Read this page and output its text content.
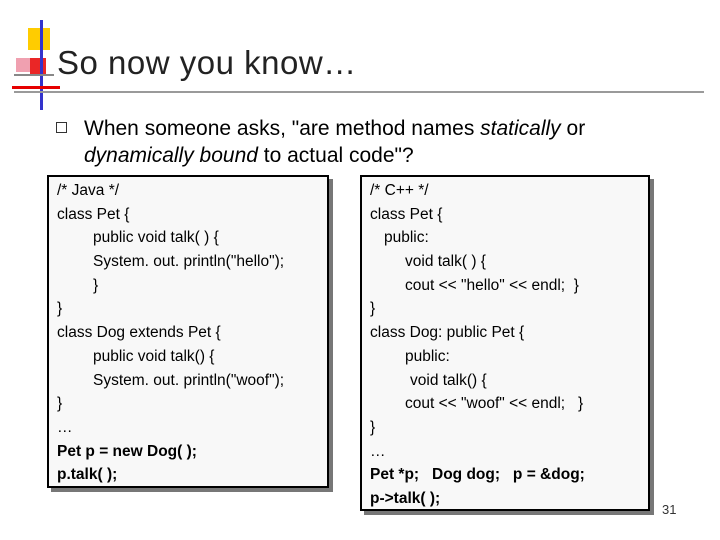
So now you know…
When someone asks, "are method names statically or
dynamically bound to actual code"?
/* Java */
class Pet {
public void talk( ) {
System. out. println("hello");
}
}
class Dog extends Pet {
public void talk() {
System. out. println("woof");
}
…
Pet p = new Dog( );
p.talk( );
/* C++ */
class Pet {
public:
void talk( ) {
cout << "hello" << endl;  }
}
class Dog: public Pet {
public:
void talk() {
cout << "woof" << endl;   }
}
…
Pet *p;   Dog dog;   p = &dog;
p->talk( );
31
